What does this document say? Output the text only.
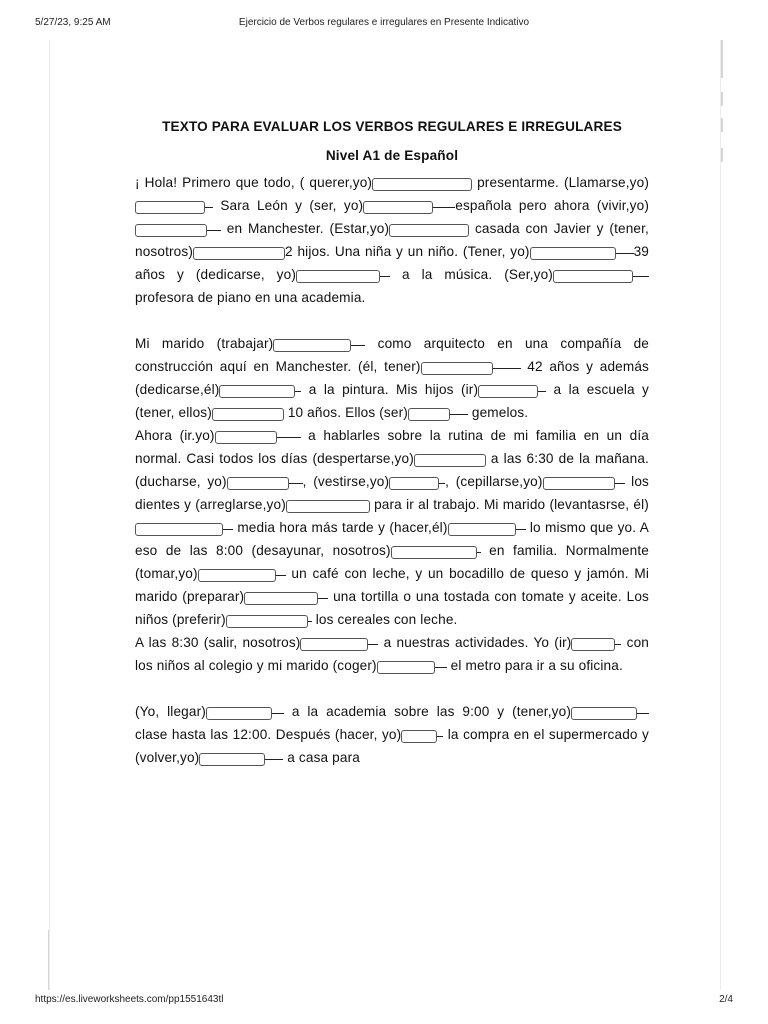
5/27/23, 9:25 AM	Ejercicio de Verbos regulares e irregulares en Presente Indicativo
TEXTO PARA EVALUAR LOS VERBOS REGULARES E IRREGULARES
Nivel A1 de Español

¡ Hola! Primero que todo, ( querer,yo)	presentarme. (Llamarse,yo) Sara León y (ser, yo)	española pero ahora (vivir,yo) en Manchester. (Estar,yo)	casada con Javier y (tener, nosotros)	2 hijos. Una niña y un niño. (Tener, yo)	39 años y (dedicarse, yo)	a la música. (Ser,yo) profesora de piano en una academia.

Mi marido (trabajar)	como arquitecto en una compañía de construcción aquí en Manchester. (él, tener)	42 años y además (dedicarse,él)	a la pintura. Mis hijos (ir)	a la escuela y (tener, ellos)	10 años. Ellos (ser)	gemelos.

Ahora (ir.yo)	a hablarles sobre la rutina de mi familia en un día normal. Casi todos los días (despertarse,yo)	a las 6:30 de la mañana. (ducharse, yo)	, (vestirse,yo)	, (cepillarse,yo)	los dientes y (arreglarse,yo)	para ir al trabajo. Mi marido (levantasrse, él) media hora más tarde y (hacer,él)	lo mismo que yo. A eso de las 8:00 (desayunar, nosotros)	en familia. Normalmente (tomar,yo)	un café con leche, y un bocadillo de queso y jamón. Mi marido (preparar)	una tortilla o una tostada con tomate y aceite. Los niños (preferir)	los cereales con leche.

A las 8:30 (salir, nosotros)	a nuestras actividades. Yo (ir)	con los niños al colegio y mi marido (coger)	el metro para ir a su oficina.

(Yo, llegar)	a la academia sobre las 9:00 y (tener,yo) clase hasta las 12:00. Después (hacer, yo)	la compra en el supermercado y (volver,yo)	a casa para

https://es.liveworksheets.com/pp1551643tl	2/4
